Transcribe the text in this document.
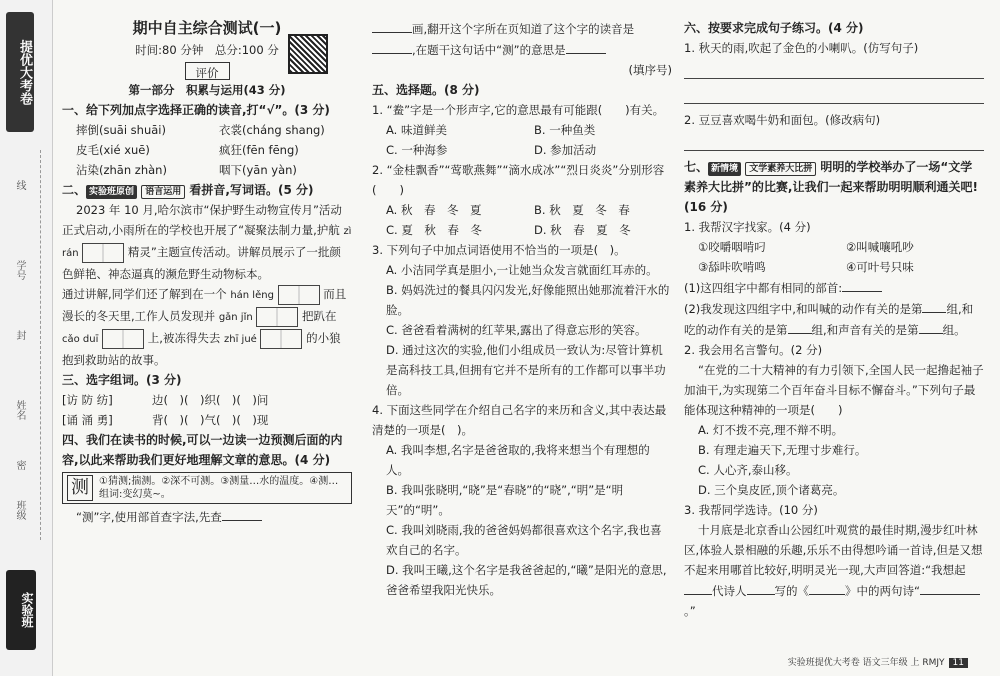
提优大考卷
线
学号
封
姓名
密
班级
实验班
期中自主综合测试(一)
时间:80 分钟　总分:100 分
评价
第一部分　积累与运用(43 分)
一、给下列加点字选择正确的读音,打“√”。(3 分)
摔倒(suāi shuāi)	衣裳(cháng shang)
皮毛(xié xuē)	疯狂(fēn fēng)
沾染(zhān zhàn)	咽下(yān yàn)
二、 实验班原创 语言运用 看拼音,写词语。(5 分)
2023 年 10 月,哈尔滨市“保护野生动物宣传月”活动正式启动,小雨所在的学校也开展了“凝聚法制力量,护航 zì rán	精灵”主题宣传活动。讲解员展示了一批颜色鲜艳、神态逼真的濒危野生动物标本。
通过讲解,同学们还了解到在一个 hán lěng	而且漫长的冬天里,工作人员发现并 gǎn jǐn	把趴在
cǎo duī	上,被冻得失去 zhī jué	的小狼抱到救助站的故事。
三、选字组词。(3 分)
[访 防 纺]	边(　)(　)织(　)(　)问
[诵 涌 勇]	背(　)(　)气(　)(　)现
四、我们在读书的时候,可以一边读一边预测后面的内容,以此来帮助我们更好地理解文章的意思。(4 分)
测	①猜测;揣测。②深不可测。③测量…水的温度。④测…
组词:变幻莫~。
“测”字,使用部首查字法,先查
画,翻开这个字所在页知道了这个字的读音是
,在题干这句话中“测”的意思是
(填序号)
五、选择题。(8 分)
1. “鲞”字是一个形声字,它的意思最有可能跟(　　)有关。
A. 味道鲜美	B. 一种鱼类
C. 一种海参	D. 参加活动
2. “金桂飘香”“莺歌燕舞”“滴水成冰”“烈日炎炎”分别形容(　　)
A. 秋　春　冬　夏	B. 秋　夏　冬　春
C. 夏　秋　春　冬	D. 秋　春　夏　冬
3. 下列句子中加点词语使用不恰当的一项是(　)。
A. 小洁同学真是胆小,一让她当众发言就面红耳赤的。
B. 妈妈洗过的餐具闪闪发光,好像能照出她那流着汗水的脸。
C. 爸爸看着满树的红苹果,露出了得意忘形的笑容。
D. 通过这次的实验,他们小组成员一致认为:尽管计算机是高科技工具,但拥有它并不是所有的工作都可以事半功倍。
4. 下面这些同学在介绍自己名字的来历和含义,其中表达最清楚的一项是(　)。
A. 我叫李想,名字是爸爸取的,我将来想当个有理想的人。
B. 我叫张晓明,“晓”是“春晓”的“晓”,“明”是“明天”的“明”。
C. 我叫刘晓雨,我的爸爸妈妈都很喜欢这个名字,我也喜欢自己的名字。
D. 我叫王曦,这个名字是我爸爸起的,“曦”是阳光的意思,爸爸希望我阳光快乐。
六、按要求完成句子练习。(4 分)
1. 秋天的雨,吹起了金色的小喇叭。(仿写句子)
2. 豆豆喜欢喝牛奶和面包。(修改病句)
七、 新情境 文学素养大比拼 明明的学校举办了一场“文学素养大比拼”的比赛,让我们一起来帮助明明顺利通关吧!(16 分)
1. 我帮汉字找家。(4 分)
①咬嚼咽啃叼	②叫喊嚷吼吵
③舔咔吹啃鸣	④可叶号只味
(1)这四组字中都有相同的部首:
(2)我发现这四组字中,和叫喊的动作有关的是第 组,和吃的动作有关的是第 组,和声音有关的是第 组。
2. 我会用名言警句。(2 分)
“在党的二十大精神的有力引领下,全国人民一起撸起袖子加油干,为实现第二个百年奋斗目标不懈奋斗。”下列句子最能体现这种精神的一项是(　　)
A. 灯不拨不亮,理不辩不明。
B. 有理走遍天下,无理寸步难行。
C. 人心齐,泰山移。
D. 三个臭皮匠,顶个诸葛亮。
3. 我帮同学选诗。(10 分)
十月底是北京香山公园红叶观赏的最佳时期,漫步红叶林区,体验人景相融的乐趣,乐乐不由得想吟诵一首诗,但是又想不起来用哪首比较好,明明灵光一现,大声回答道:“我想起代诗人 写的《	》中的两句诗“。”
实验班提优大考卷 语文三年级 上 RMJY 11
